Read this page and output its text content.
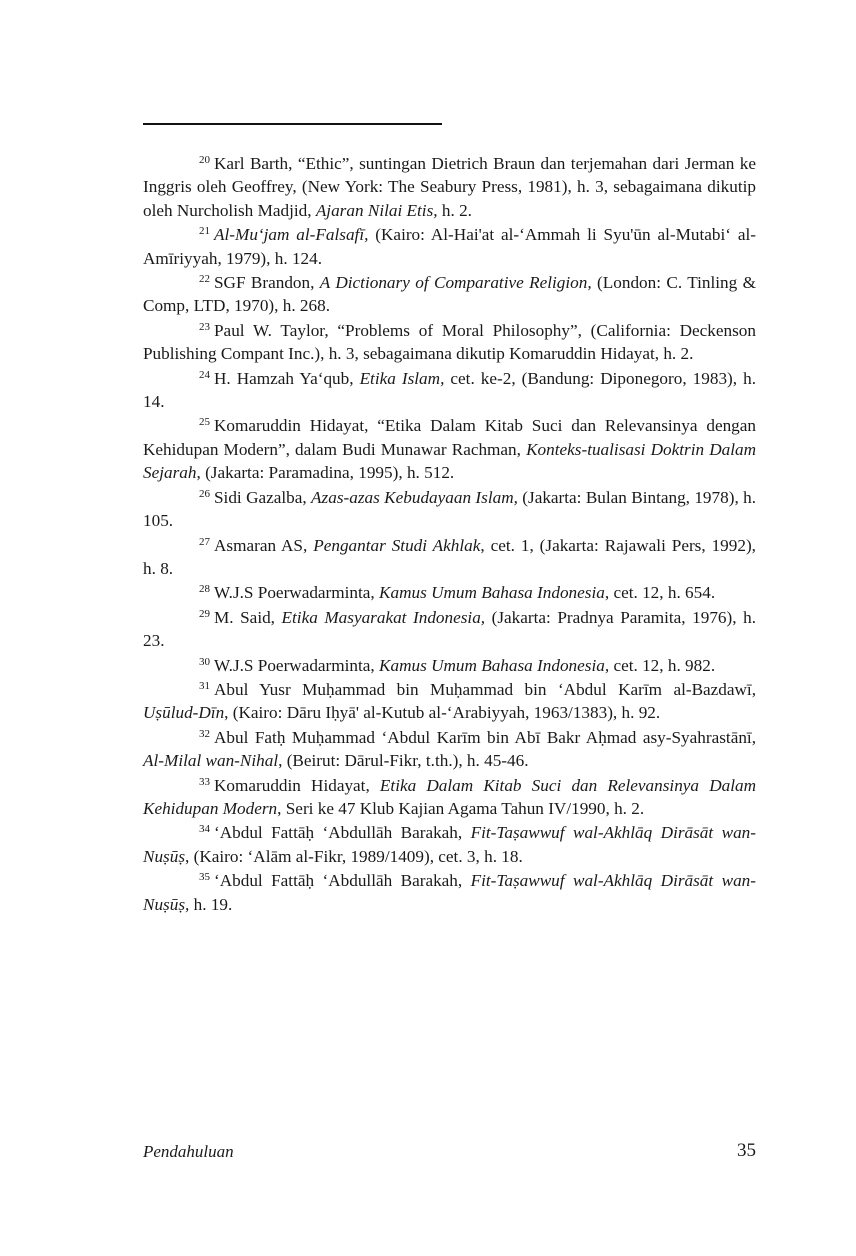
$^{20}$ Karl Barth, “Ethic”, suntingan Dietrich Braun dan terjemahan dari Jerman ke Inggris oleh Geoffrey, (New York: The Seabury Press, 1981), h. 3, sebagaimana dikutip oleh Nurcholish Madjid, Ajaran Nilai Etis, h. 2.

$^{21}$ Al-Mu‘jam al-Falsafī, (Kairo: Al-Hai'at al-‘Ammah li Syu'ūn al-Mutabi‘ al-Amīriyyah, 1979), h. 124.

$^{22}$ SGF Brandon, A Dictionary of Comparative Religion, (London: C. Tinling & Comp, LTD, 1970), h. 268.

$^{23}$ Paul W. Taylor, “Problems of Moral Philosophy”, (California: Deckenson Publishing Compant Inc.), h. 3, sebagaimana dikutip Komaruddin Hidayat, h. 2.

$^{24}$ H. Hamzah Ya‘qub, Etika Islam, cet. ke-2, (Bandung: Diponegoro, 1983), h. 14.

$^{25}$ Komaruddin Hidayat, “Etika Dalam Kitab Suci dan Relevansinya dengan Kehidupan Modern”, dalam Budi Munawar Rachman, Konteks-tualisasi Doktrin Dalam Sejarah, (Jakarta: Paramadina, 1995), h. 512.

$^{26}$ Sidi Gazalba, Azas-azas Kebudayaan Islam, (Jakarta: Bulan Bintang, 1978), h. 105.

$^{27}$ Asmaran AS, Pengantar Studi Akhlak, cet. 1, (Jakarta: Rajawali Pers, 1992), h. 8.

$^{28}$ W.J.S Poerwadarminta, Kamus Umum Bahasa Indonesia, cet. 12, h. 654.

$^{29}$ M. Said, Etika Masyarakat Indonesia, (Jakarta: Pradnya Paramita, 1976), h. 23.

$^{30}$ W.J.S Poerwadarminta, Kamus Umum Bahasa Indonesia, cet. 12, h. 982.

$^{31}$ Abul Yusr Muḥammad bin Muḥammad bin ‘Abdul Karīm al-Bazdawī, Uṣūlud-Dīn, (Kairo: Dāru Iḥyā' al-Kutub al-‘Arabiyyah, 1963/1383), h. 92.

$^{32}$ Abul Fatḥ Muḥammad ‘Abdul Karīm bin Abī Bakr Aḥmad asy-Syahrastānī, Al-Milal wan-Nihal, (Beirut: Dārul-Fikr, t.th.), h. 45-46.

$^{33}$ Komaruddin Hidayat, Etika Dalam Kitab Suci dan Relevansinya Dalam Kehidupan Modern, Seri ke 47 Klub Kajian Agama Tahun IV/1990, h. 2.

$^{34}$ ‘Abdul Fattāḥ ‘Abdullāh Barakah, Fit-Taṣawwuf wal-Akhlāq Dirāsāt wan-Nuṣūṣ, (Kairo: ‘Alām al-Fikr, 1989/1409), cet. 3, h. 18.

$^{35}$ ‘Abdul Fattāḥ ‘Abdullāh Barakah, Fit-Taṣawwuf wal-Akhlāq Dirāsāt wan-Nuṣūṣ, h. 19.

Pendahuluan	35
